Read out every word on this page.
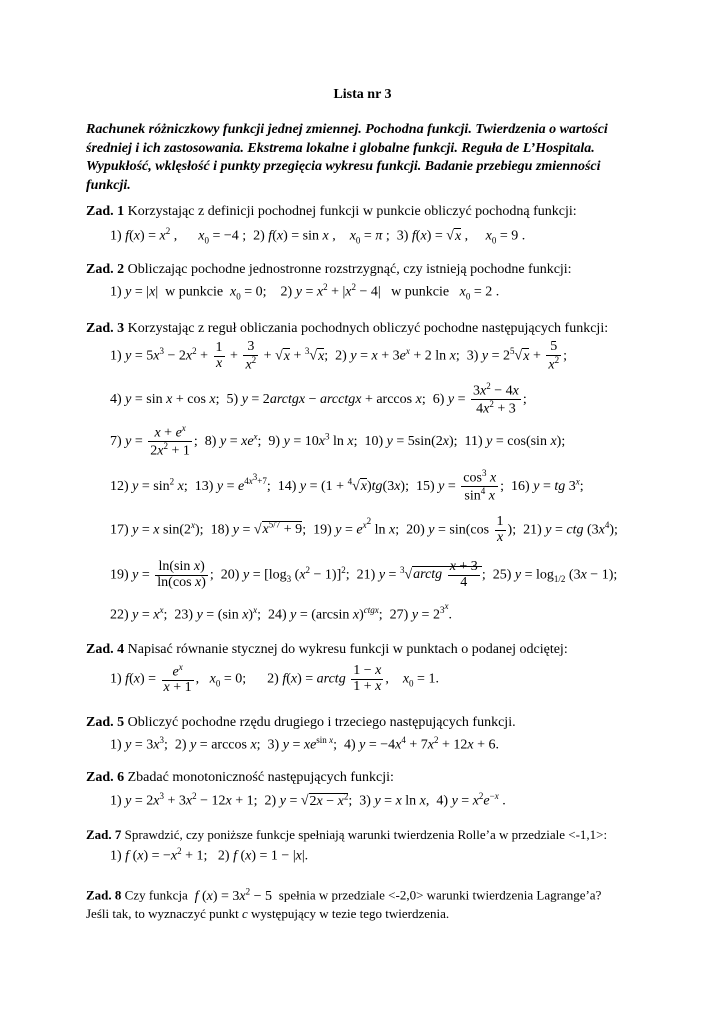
Lista nr 3
Rachunek różniczkowy funkcji jednej zmiennej. Pochodna funkcji. Twierdzenia o wartości średniej i ich zastosowania. Ekstrema lokalne i globalne funkcji. Reguła de L’Hospitala. Wypukłość, wklęsłość i punkty przegięcia wykresu funkcji. Badanie przebiegu zmienności funkcji.
Zad. 1 Korzystając z definicji pochodnej funkcji w punkcie obliczyć pochodną funkcji:
1) $f(x) = x^2$ ,      $x_0 = -4$ ;  2) f(x) = sin x ,    $x_0 = \pi$ ;  3) f(x) = √x ,     $x_0 = 9$ .
Zad. 2 Obliczając pochodne jednostronne rozstrzygnąć, czy istnieją pochodne funkcji:
1) y = |x|  w punkcie  $x_0 = 0$;    2) $y = x^2 + |x^2 - 4|$   w punkcie   $x_0 = 2$ .
Zad. 3 Korzystając z reguł obliczania pochodnych obliczyć pochodne następujących funkcji:
1) $y = 5x^3 - 2x^2 + \frac{1}{x} + \frac{3}{x^2} + √x + ^3√x$;  2) $y = x + 3e^x + 2$ ln x;  3) $y = 2^5√x + \frac{5}{x^2}$ ;
4) y = sin x + cos x;  5) y = 2arctgx − arcctgx + arccos x;  6) $y = \frac{3x^2 - 4x}{4x^2 + 3}$ ;
7) $y = \frac{x + e^x}{2x^2 + 1}$ ;  8) $y = xe^x$;  9) $y = 10x^3$ ln x;  10) y = 5sin(2x);  11) y = cos(sin x);
12) $y = \sin^2 x$;  13) $y = e^{4x^3+7}$;  14) y = (1 + $^4$√x)tg(3x);  15) $y = \frac{\cos^3 x}{\sin^4 x}$ ;  16) y = tg 3$^x$;
17) y = x sin(2$^x$);  18) $y = √x^{5/7} + 9$;  19) $y = e^{x^2}$ ln x;  20) $y = \sin(\cos \frac{1}{x}$ );  21) y = ctg $(3x^4)$;
19) $y = \frac{\text{ln(sin x)}}{\text{ln(cos x)}}$ ;  20) $y = [\log_3$ $(x^2 - 1)]^2$;  21) y = $^3$√arctg $\frac{x + 3}{4}$ ;  25) $y = \log_{1/2} (3x - 1)$;
22) $y = x^x$;  23) y = (sin x)$^x$;  24) y = (arcsin x)$^{ctgx}$;  27) $y = 2^{3^x}$.
Zad. 4 Napisać równanie stycznej do wykresu funkcji w punktach o podanej odciętej:
1) $f(x) = \frac{e^x}{x + 1}$ ,   $x_0 = 0$;      2) f(x) = arctg $\frac{1 - x}{1 + x}$ ,    $x_0 = 1$.
Zad. 5 Obliczyć pochodne rzędu drugiego i trzeciego następujących funkcji.
1) $y = 3x^3$;  2) y = arccos x;  3) $y = xe^{sin x}$;  4) $y = -4x^4 + 7x^2 + 12x + 6$.
Zad. 6 Zbadać monotoniczność następujących funkcji:
1) $y = 2x^3 + 3x^2 - 12x + 1$;  2) $y = √2x - x^2$;  3) y = x ln x,  4) $y = x^2e^{-x}$ .
Zad. 7 Sprawdzić, czy poniższe funkcje spełniają warunki twierdzenia Rolle’a w przedziale <-1,1>:
1) f $(x) = -x^2 + 1$;   2) f (x) = 1 − |x|.
Zad. 8 Czy funkcja f $(x) = 3x^2 - 5$  spełnia w przedziale <-2,0> warunki twierdzenia Lagrange’a?
Jeśli tak, to wyznaczyć punkt c występujący w tezie tego twierdzenia.
